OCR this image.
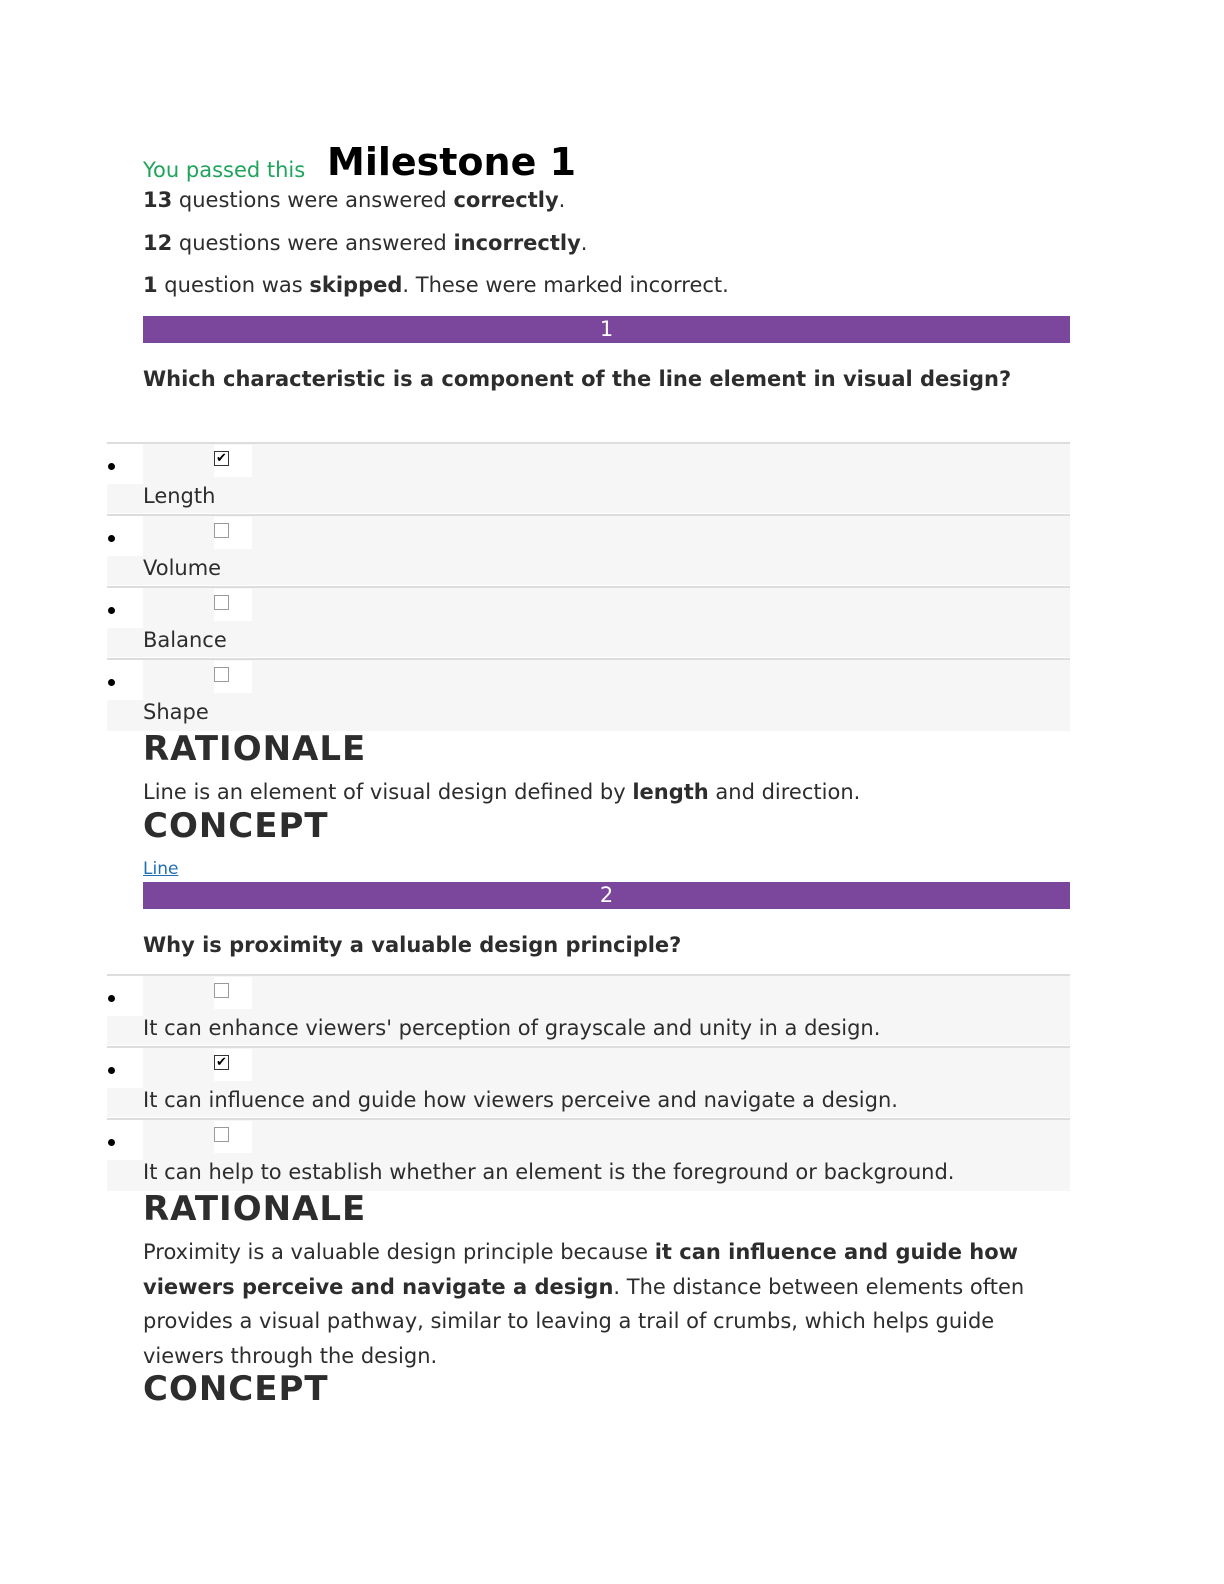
You passed this Milestone 1
13 questions were answered correctly.
12 questions were answered incorrectly.
1 question was skipped. These were marked incorrect.
1
Which characteristic is a component of the line element in visual design?
✔
Length
Volume
Balance
Shape
RATIONALE
Line is an element of visual design defined by length and direction.
CONCEPT
Line
2
Why is proximity a valuable design principle?
It can enhance viewers' perception of grayscale and unity in a design.
✔
It can influence and guide how viewers perceive and navigate a design.
It can help to establish whether an element is the foreground or background.
RATIONALE
Proximity is a valuable design principle because it can influence and guide how viewers perceive and navigate a design. The distance between elements often provides a visual pathway, similar to leaving a trail of crumbs, which helps guide viewers through the design.
CONCEPT
